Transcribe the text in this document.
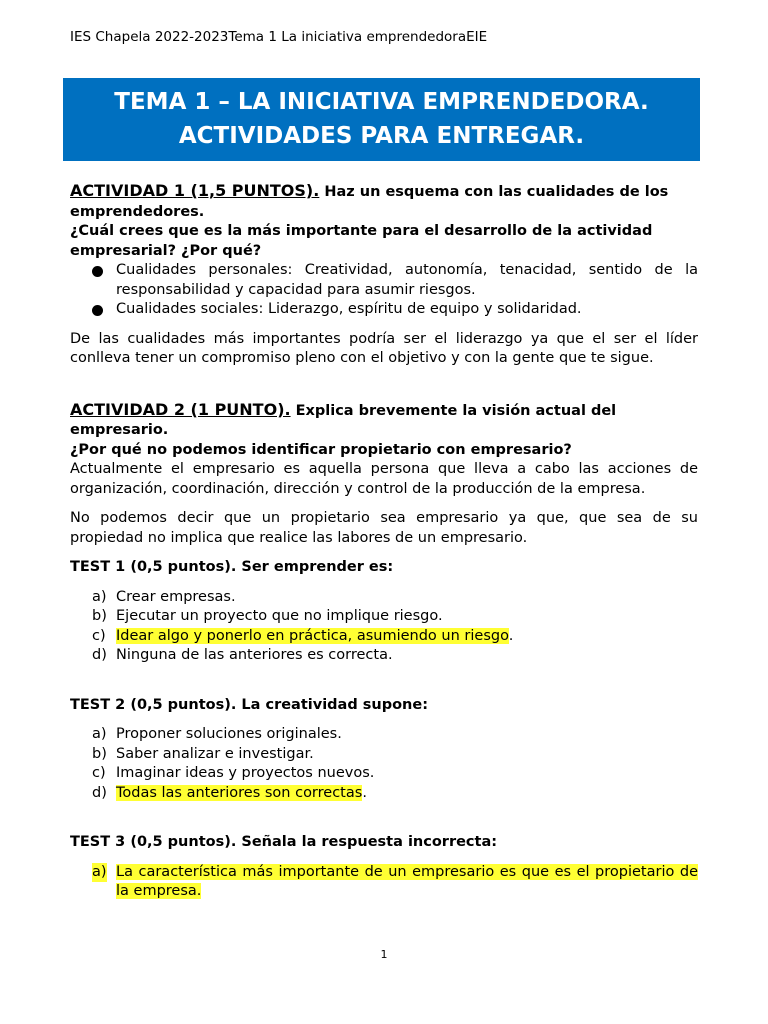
IES Chapela 2022-2023Tema 1 La iniciativa emprendedoraEIE
TEMA 1 – LA INICIATIVA EMPRENDEDORA.
ACTIVIDADES PARA ENTREGAR.
ACTIVIDAD 1 (1,5 PUNTOS). Haz un esquema con las cualidades de los emprendedores.
¿Cuál crees que es la más importante para el desarrollo de la actividad empresarial? ¿Por qué?
Cualidades personales: Creatividad, autonomía, tenacidad, sentido de la responsabilidad y capacidad para asumir riesgos.
Cualidades sociales: Liderazgo, espíritu de equipo y solidaridad.
De las cualidades más importantes podría ser el liderazgo ya que el ser el líder conlleva tener un compromiso pleno con el objetivo y con la gente que te sigue.
ACTIVIDAD 2 (1 PUNTO). Explica brevemente la visión actual del empresario.
¿Por qué no podemos identificar propietario con empresario?
Actualmente el empresario es aquella persona que lleva a cabo las acciones de organización, coordinación, dirección y control de la producción de la empresa.
No podemos decir que un propietario sea empresario ya que, que sea de su propiedad no implica que realice las labores de un empresario.
TEST 1 (0,5 puntos). Ser emprender es:
a) Crear empresas.
b) Ejecutar un proyecto que no implique riesgo.
c) Idear algo y ponerlo en práctica, asumiendo un riesgo.
d) Ninguna de las anteriores es correcta.
TEST 2 (0,5 puntos). La creatividad supone:
a) Proponer soluciones originales.
b) Saber analizar e investigar.
c) Imaginar ideas y proyectos nuevos.
d) Todas las anteriores son correctas.
TEST 3 (0,5 puntos). Señala la respuesta incorrecta:
a) La característica más importante de un empresario es que es el propietario de la empresa.
1
